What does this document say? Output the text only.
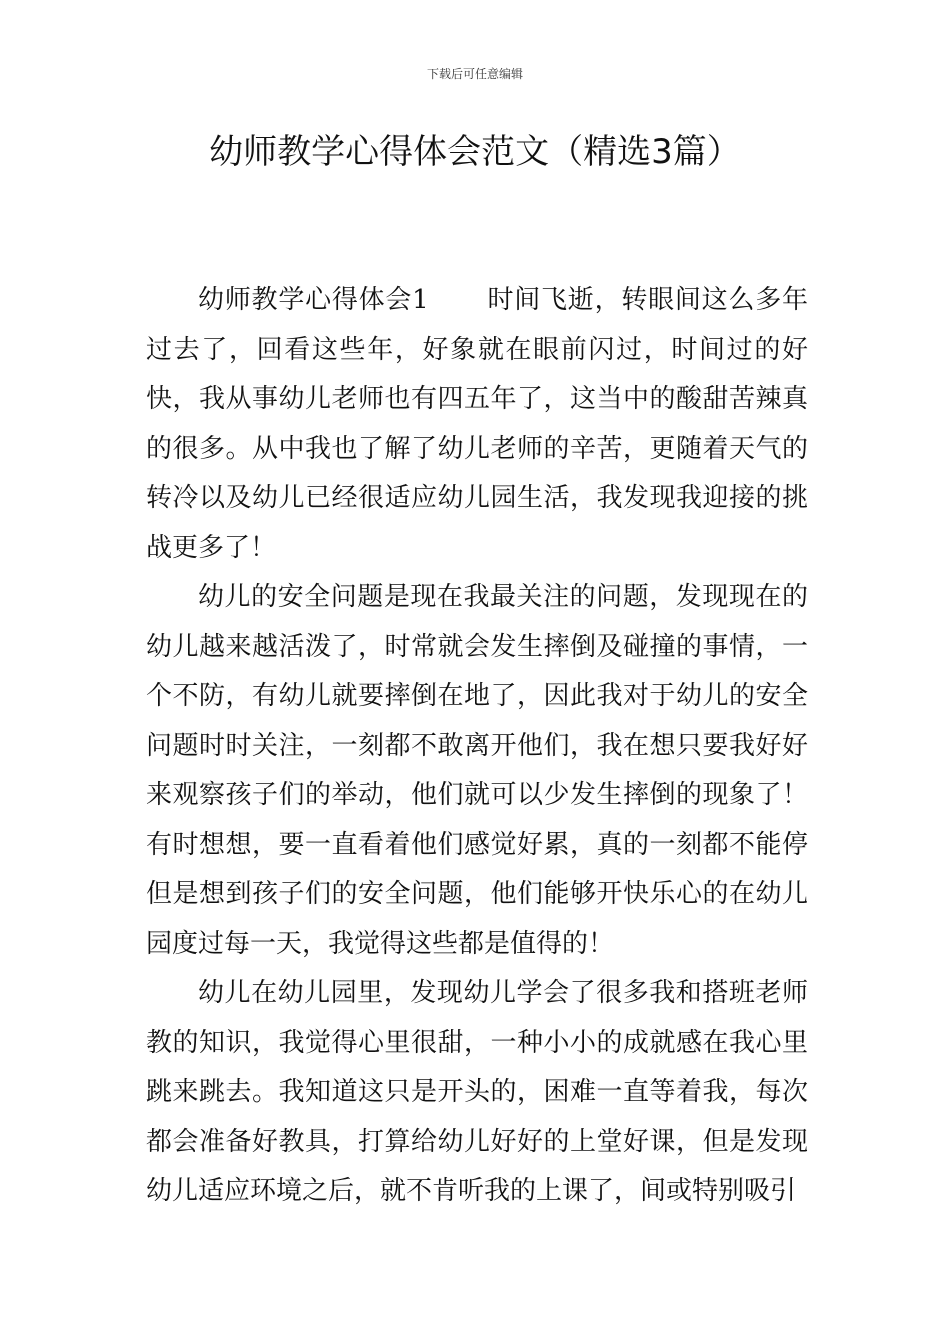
下载后可任意编辑
幼师教学心得体会范文（精选3篇）

幼师教学心得体会1 时间飞逝，转眼间这么多年过去了，回看这些年，好象就在眼前闪过，时间过的好快，我从事幼儿老师也有四五年了，这当中的酸甜苦辣真的很多。从中我也了解了幼儿老师的辛苦，更随着天气的转冷以及幼儿已经很适应幼儿园生活，我发现我迎接的挑战更多了！

幼儿的安全问题是现在我最关注的问题，发现现在的幼儿越来越活泼了，时常就会发生摔倒及碰撞的事情，一个不防，有幼儿就要摔倒在地了，因此我对于幼儿的安全问题时时关注，一刻都不敢离开他们，我在想只要我好好来观察孩子们的举动，他们就可以少发生摔倒的现象了！有时想想，要一直看着他们感觉好累，真的一刻都不能停但是想到孩子们的安全问题，他们能够开快乐心的在幼儿园度过每一天，我觉得这些都是值得的！

幼儿在幼儿园里，发现幼儿学会了很多我和搭班老师教的知识，我觉得心里很甜，一种小小的成就感在我心里跳来跳去。我知道这只是开头的，困难一直等着我，每次都会准备好教具，打算给幼儿好好的上堂好课，但是发现幼儿适应环境之后，就不肯听我的上课了，间或特别吸引
